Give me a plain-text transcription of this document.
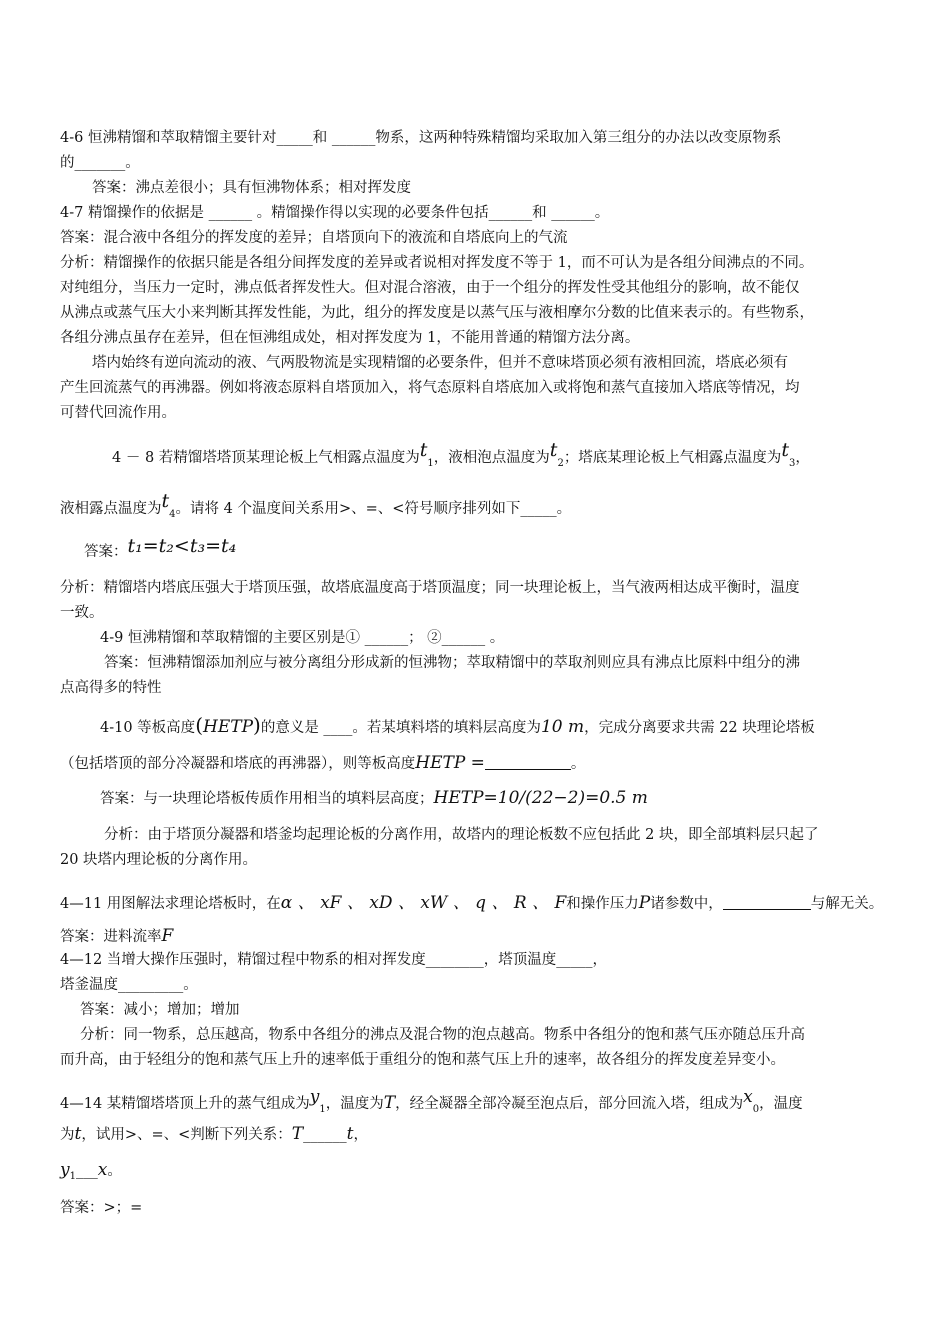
4-6 恒沸精馏和萃取精馏主要针对_____和 ______物系，这两种特殊精馏均采取加入第三组分的办法以改变原物系
的_______。
答案：沸点差很小；具有恒沸物体系；相对挥发度
4-7 精馏操作的依据是 ______ 。精馏操作得以实现的必要条件包括______和 ______。
答案：混合液中各组分的挥发度的差异；自塔顶向下的液流和自塔底向上的气流
分析：精馏操作的依据只能是各组分间挥发度的差异或者说相对挥发度不等于 1，而不可认为是各组分间沸点的不同。
对纯组分，当压力一定时，沸点低者挥发性大。但对混合溶液，由于一个组分的挥发性受其他组分的影响，故不能仅
从沸点或蒸气压大小来判断其挥发性能，为此，组分的挥发度是以蒸气压与液相摩尔分数的比值来表示的。有些物系，
各组分沸点虽存在差异，但在恒沸组成处，相对挥发度为 1，不能用普通的精馏方法分离。
塔内始终有逆向流动的液、气两股物流是实现精馏的必要条件，但并不意味塔顶必须有液相回流，塔底必须有
产生回流蒸气的再沸器。例如将液态原料自塔顶加入，将气态原料自塔底加入或将饱和蒸气直接加入塔底等情况，均
可替代回流作用。
4 － 8 若精馏塔塔顶某理论板上气相露点温度为$t_1$，液相泡点温度为$t_2$；塔底某理论板上气相露点温度为$t_3$，
液相露点温度为$t_4$。请将 4 个温度间关系用>、=、<符号顺序排列如下_____。
答案：t₁=t₂<t₃=t₄
分析：精馏塔内塔底压强大于塔顶压强，故塔底温度高于塔顶温度；同一块理论板上，当气液两相达成平衡时，温度
一致。
4-9 恒沸精馏和萃取精馏的主要区别是① ______； ②______ 。
答案：恒沸精馏添加剂应与被分离组分形成新的恒沸物；萃取精馏中的萃取剂则应具有沸点比原料中组分的沸
点高得多的特性
4-10 等板高度(HETP)的意义是 ____。若某填料塔的填料层高度为10 m，完成分离要求共需 22 块理论塔板
（包括塔顶的部分冷凝器和塔底的再沸器），则等板高度HETP =	。
答案：与一块理论塔板传质作用相当的填料层高度；HETP=10/(22−2)=0.5 m
分析：由于塔顶分凝器和塔釜均起理论板的分离作用，故塔内的理论板数不应包括此 2 块，即全部填料层只起了
20 块塔内理论板的分离作用。
4—11 用图解法求理论塔板时，在α 、 xF 、 xD 、 xW 、 q 、 R 、 F和操作压力P诸参数中，	与解无关。
答案：进料流率F
4—12 当增大操作压强时，精馏过程中物系的相对挥发度________，塔顶温度_____，
塔釜温度_________。
答案：减小；增加；增加
分析：同一物系，总压越高，物系中各组分的沸点及混合物的泡点越高。物系中各组分的饱和蒸气压亦随总压升高
而升高，由于轻组分的饱和蒸气压上升的速率低于重组分的饱和蒸气压上升的速率，故各组分的挥发度差异变小。
4—14 某精馏塔塔顶上升的蒸气组成为$y_1$，温度为T，经全凝器全部冷凝至泡点后，部分回流入塔，组成为$x_0$，温度
为t，试用>、=、<判断下列关系：T______t，
$y_1\_\_\_x$。
答案：>；=
